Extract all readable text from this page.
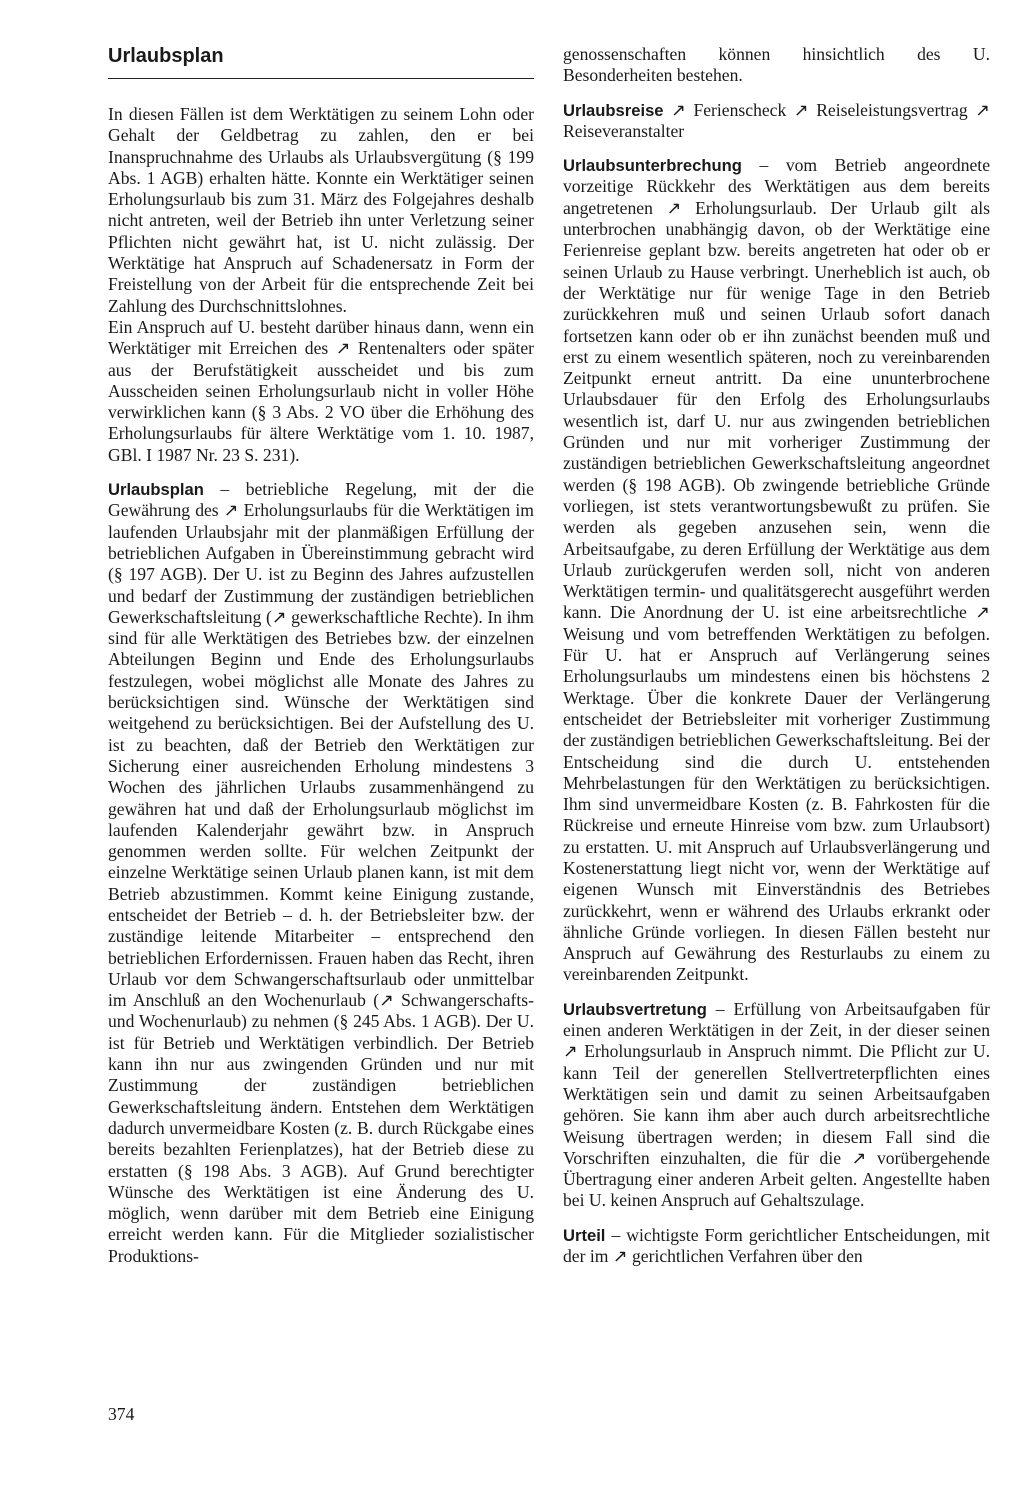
Urlaubsplan

In diesen Fällen ist dem Werktätigen zu seinem Lohn oder Gehalt der Geldbetrag zu zahlen, den er bei Inanspruchnahme des Urlaubs als Urlaubsvergütung (§ 199 Abs. 1 AGB) erhalten hätte. Konnte ein Werktätiger seinen Erholungsurlaub bis zum 31. März des Folgejahres deshalb nicht antreten, weil der Betrieb ihn unter Verletzung seiner Pflichten nicht gewährt hat, ist U. nicht zulässig. Der Werktätige hat Anspruch auf Schadenersatz in Form der Freistellung von der Arbeit für die entsprechende Zeit bei Zahlung des Durchschnittslohnes.

Ein Anspruch auf U. besteht darüber hinaus dann, wenn ein Werktätiger mit Erreichen des ↗ Rentenalters oder später aus der Berufstätigkeit ausscheidet und bis zum Ausscheiden seinen Erholungsurlaub nicht in voller Höhe verwirklichen kann (§ 3 Abs. 2 VO über die Erhöhung des Erholungsurlaubs für ältere Werktätige vom 1. 10. 1987, GBl. I 1987 Nr. 23 S. 231).

Urlaubsplan – betriebliche Regelung, mit der die Gewährung des ↗ Erholungsurlaubs für die Werktätigen im laufenden Urlaubsjahr mit der planmäßigen Erfüllung der betrieblichen Aufgaben in Übereinstimmung gebracht wird (§ 197 AGB). Der U. ist zu Beginn des Jahres aufzustellen und bedarf der Zustimmung der zuständigen betrieblichen Gewerkschaftsleitung (↗ gewerkschaftliche Rechte). In ihm sind für alle Werktätigen des Betriebes bzw. der einzelnen Abteilungen Beginn und Ende des Erholungsurlaubs festzulegen, wobei möglichst alle Monate des Jahres zu berücksichtigen sind. Wünsche der Werktätigen sind weitgehend zu berücksichtigen. Bei der Aufstellung des U. ist zu beachten, daß der Betrieb den Werktätigen zur Sicherung einer ausreichenden Erholung mindestens 3 Wochen des jährlichen Urlaubs zusammenhängend zu gewähren hat und daß der Erholungsurlaub möglichst im laufenden Kalenderjahr gewährt bzw. in Anspruch genommen werden sollte. Für welchen Zeitpunkt der einzelne Werktätige seinen Urlaub planen kann, ist mit dem Betrieb abzustimmen. Kommt keine Einigung zustande, entscheidet der Betrieb – d. h. der Betriebsleiter bzw. der zuständige leitende Mitarbeiter – entsprechend den betrieblichen Erfordernissen. Frauen haben das Recht, ihren Urlaub vor dem Schwangerschaftsurlaub oder unmittelbar im Anschluß an den Wochenurlaub (↗ Schwangerschafts- und Wochenurlaub) zu nehmen (§ 245 Abs. 1 AGB). Der U. ist für Betrieb und Werktätigen verbindlich. Der Betrieb kann ihn nur aus zwingenden Gründen und nur mit Zustimmung der zuständigen betrieblichen Gewerkschaftsleitung ändern. Entstehen dem Werktätigen dadurch unvermeidbare Kosten (z. B. durch Rückgabe eines bereits bezahlten Ferienplatzes), hat der Betrieb diese zu erstatten (§ 198 Abs. 3 AGB). Auf Grund berechtigter Wünsche des Werktätigen ist eine Änderung des U. möglich, wenn darüber mit dem Betrieb eine Einigung erreicht werden kann. Für die Mitglieder sozialistischer Produktions-

genossenschaften können hinsichtlich des U. Besonderheiten bestehen.

Urlaubsreise ↗ Ferienscheck ↗ Reiseleistungsvertrag ↗ Reiseveranstalter

Urlaubsunterbrechung – vom Betrieb angeordnete vorzeitige Rückkehr des Werktätigen aus dem bereits angetretenen ↗ Erholungsurlaub. Der Urlaub gilt als unterbrochen unabhängig davon, ob der Werktätige eine Ferienreise geplant bzw. bereits angetreten hat oder ob er seinen Urlaub zu Hause verbringt. Unerheblich ist auch, ob der Werktätige nur für wenige Tage in den Betrieb zurückkehren muß und seinen Urlaub sofort danach fortsetzen kann oder ob er ihn zunächst beenden muß und erst zu einem wesentlich späteren, noch zu vereinbarenden Zeitpunkt erneut antritt. Da eine ununterbrochene Urlaubsdauer für den Erfolg des Erholungsurlaubs wesentlich ist, darf U. nur aus zwingenden betrieblichen Gründen und nur mit vorheriger Zustimmung der zuständigen betrieblichen Gewerkschaftsleitung angeordnet werden (§ 198 AGB). Ob zwingende betriebliche Gründe vorliegen, ist stets verantwortungsbewußt zu prüfen. Sie werden als gegeben anzusehen sein, wenn die Arbeitsaufgabe, zu deren Erfüllung der Werktätige aus dem Urlaub zurückgerufen werden soll, nicht von anderen Werktätigen termin- und qualitätsgerecht ausgeführt werden kann. Die Anordnung der U. ist eine arbeitsrechtliche ↗ Weisung und vom betreffenden Werktätigen zu befolgen. Für U. hat er Anspruch auf Verlängerung seines Erholungsurlaubs um mindestens einen bis höchstens 2 Werktage. Über die konkrete Dauer der Verlängerung entscheidet der Betriebsleiter mit vorheriger Zustimmung der zuständigen betrieblichen Gewerkschaftsleitung. Bei der Entscheidung sind die durch U. entstehenden Mehrbelastungen für den Werktätigen zu berücksichtigen. Ihm sind unvermeidbare Kosten (z. B. Fahrkosten für die Rückreise und erneute Hinreise vom bzw. zum Urlaubsort) zu erstatten. U. mit Anspruch auf Urlaubsverlängerung und Kostenerstattung liegt nicht vor, wenn der Werktätige auf eigenen Wunsch mit Einverständnis des Betriebes zurückkehrt, wenn er während des Urlaubs erkrankt oder ähnliche Gründe vorliegen. In diesen Fällen besteht nur Anspruch auf Gewährung des Resturlaubs zu einem zu vereinbarenden Zeitpunkt.

Urlaubsvertretung – Erfüllung von Arbeitsaufgaben für einen anderen Werktätigen in der Zeit, in der dieser seinen ↗ Erholungsurlaub in Anspruch nimmt. Die Pflicht zur U. kann Teil der generellen Stellvertreterpflichten eines Werktätigen sein und damit zu seinen Arbeitsaufgaben gehören. Sie kann ihm aber auch durch arbeitsrechtliche Weisung übertragen werden; in diesem Fall sind die Vorschriften einzuhalten, die für die ↗ vorübergehende Übertragung einer anderen Arbeit gelten. Angestellte haben bei U. keinen Anspruch auf Gehaltszulage.

Urteil – wichtigste Form gerichtlicher Entscheidungen, mit der im ↗ gerichtlichen Verfahren über den

374
